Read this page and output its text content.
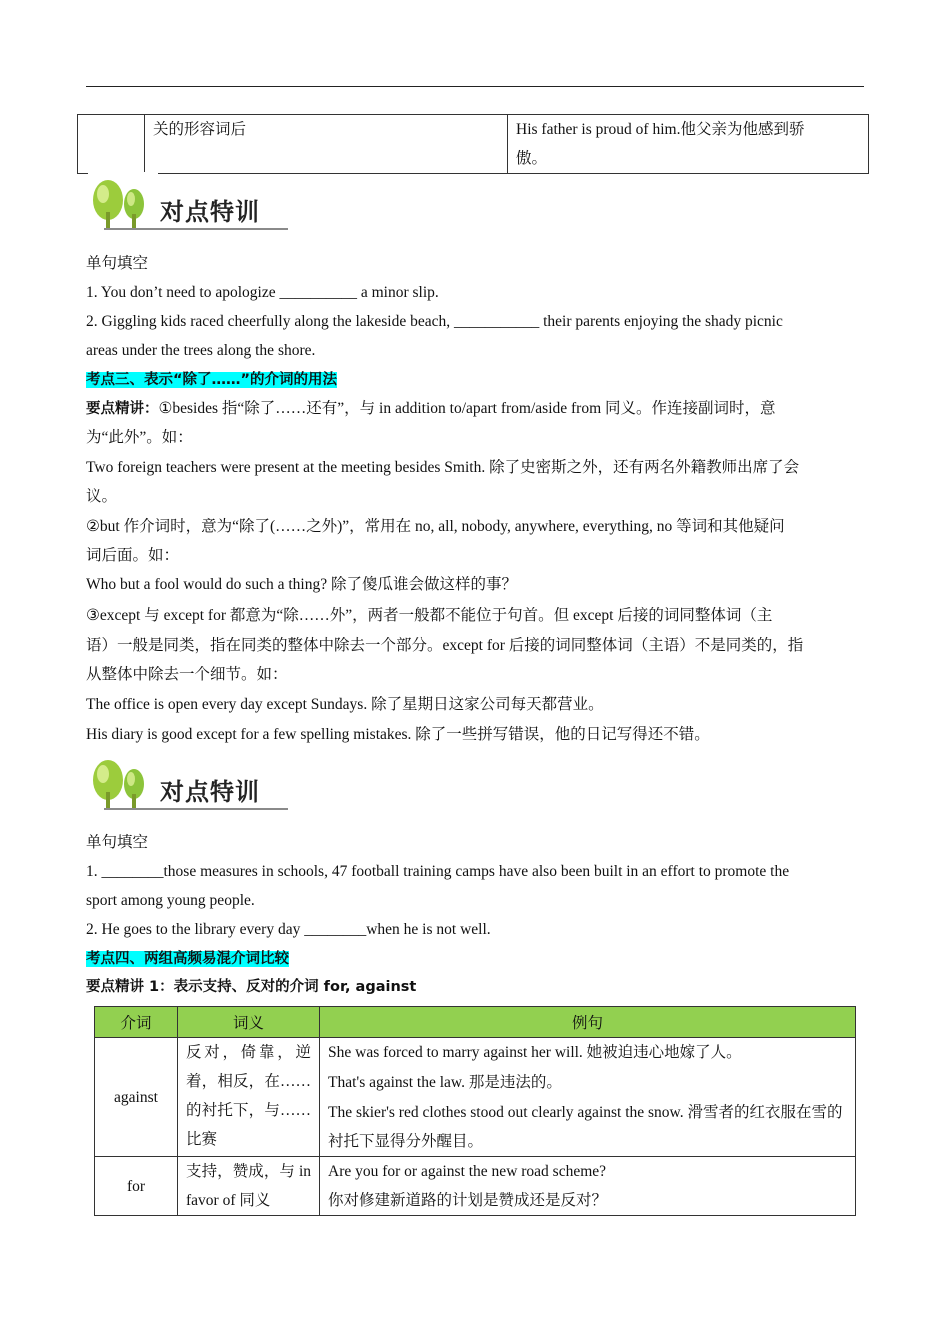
	关的形容词后	His father is proud of him.他父亲为他感到骄
傲。
对点特训
单句填空
1. You don’t need to apologize __________ a minor slip.
2. Giggling kids raced cheerfully along the lakeside beach, ___________ their parents enjoying the shady picnic
areas under the trees along the shore.
考点三、表示“除了……”的介词的用法
要点精讲：①besides 指“除了……还有”，与 in addition to/apart from/aside from 同义。作连接副词时，意
为“此外”。如：
Two foreign teachers were present at the meeting besides Smith. 除了史密斯之外，还有两名外籍教师出席了会
议。
②but 作介词时，意为“除了(……之外)”，常用在 no, all, nobody, anywhere, everything, no 等词和其他疑问
词后面。如：
Who but a fool would do such a thing? 除了傻瓜谁会做这样的事？
③except 与 except for 都意为“除……外”，两者一般都不能位于句首。但 except 后接的词同整体词（主
语）一般是同类，指在同类的整体中除去一个部分。except for 后接的词同整体词（主语）不是同类的，指
从整体中除去一个细节。如：
The office is open every day except Sundays. 除了星期日这家公司每天都营业。
His diary is good except for a few spelling mistakes. 除了一些拼写错误，他的日记写得还不错。
对点特训
单句填空
1. ________those measures in schools, 47 football training camps have also been built in an effort to promote the
sport among young people.
2. He goes to the library every day ________when he is not well.
考点四、两组高频易混介词比较
要点精讲 1：表示支持、反对的介词 for, against
介词	词义	例句
against	反对，倚靠，逆着，相反，在……的衬托下，与……比赛	She was forced to marry against her will. 她被迫违心地嫁了人。
That's against the law. 那是违法的。
The skier's red clothes stood out clearly against the snow. 滑雪者的红衣服在雪的衬托下显得分外醒目。

for	支持，赞成，与 in favor of 同义	Are you for or against the new road scheme?
你对修建新道路的计划是赞成还是反对？
